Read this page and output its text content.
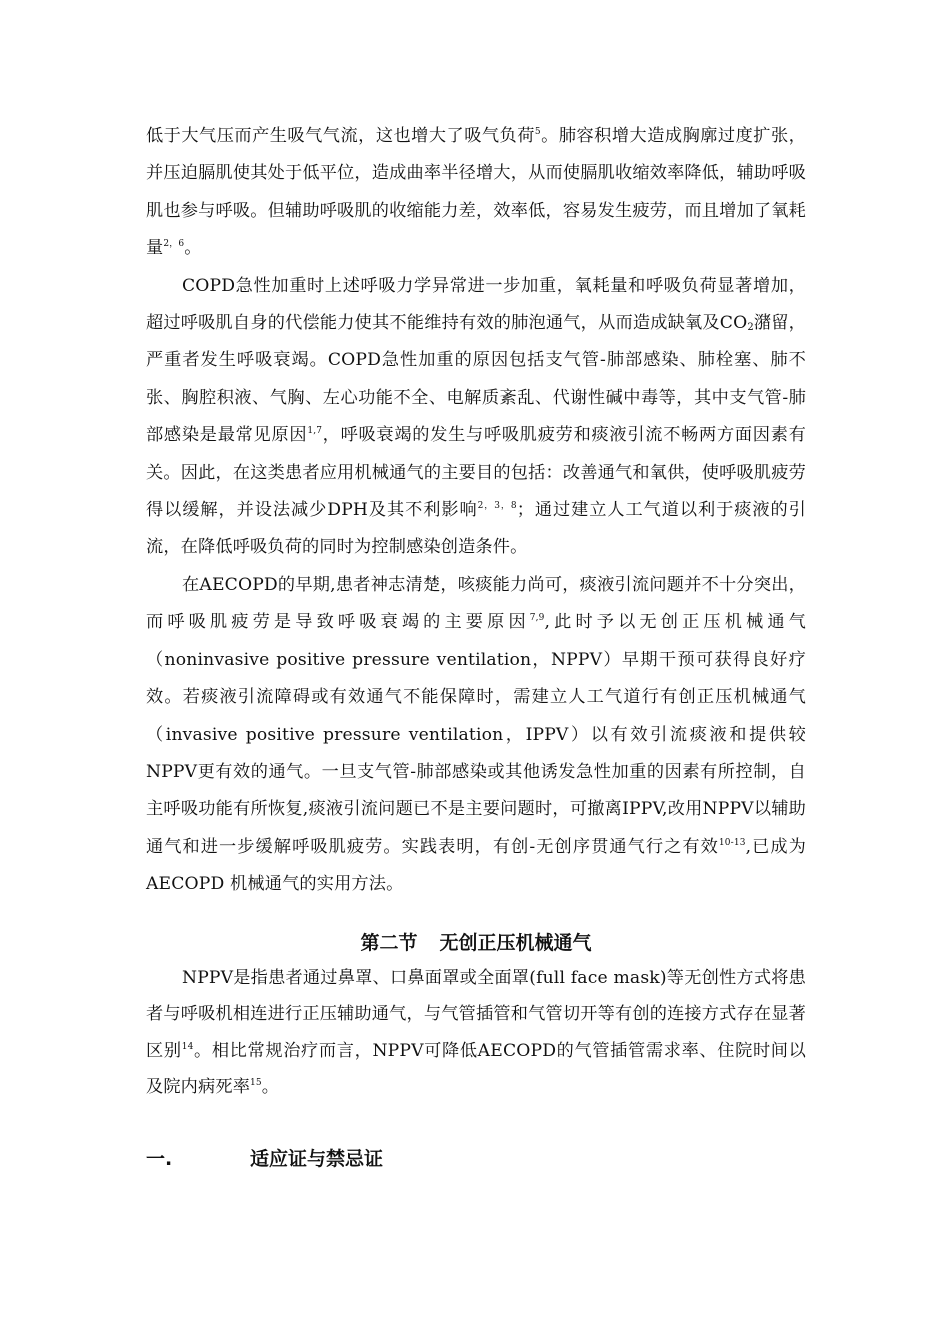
低于大气压而产生吸气气流，这也增大了吸气负荷$^5$。肺容积增大造成胸廓过度扩张，并压迫膈肌使其处于低平位，造成曲率半径增大，从而使膈肌收缩效率降低，辅助呼吸肌也参与呼吸。但辅助呼吸肌的收缩能力差，效率低，容易发生疲劳，而且增加了氧耗量$^{2,6}$。

COPD急性加重时上述呼吸力学异常进一步加重，氧耗量和呼吸负荷显著增加，超过呼吸肌自身的代偿能力使其不能维持有效的肺泡通气，从而造成缺氧及$CO_2$潴留，严重者发生呼吸衰竭。COPD急性加重的原因包括支气管-肺部感染、肺栓塞、肺不张、胸腔积液、气胸、左心功能不全、电解质紊乱、代谢性碱中毒等，其中支气管-肺部感染是最常见原因$^{1,7}$，呼吸衰竭的发生与呼吸肌疲劳和痰液引流不畅两方面因素有关。因此，在这类患者应用机械通气的主要目的包括：改善通气和氧供，使呼吸肌疲劳得以缓解，并设法减少DPH及其不利影响$^{2,3,8}$；通过建立人工气道以利于痰液的引流，在降低呼吸负荷的同时为控制感染创造条件。

在AECOPD的早期,患者神志清楚，咳痰能力尚可，痰液引流问题并不十分突出，而呼吸肌疲劳是导致呼吸衰竭的主要原因$^{7,9}$,此时予以无创正压机械通气（noninvasive positive pressure ventilation，NPPV）早期干预可获得良好疗效。若痰液引流障碍或有效通气不能保障时，需建立人工气道行有创正压机械通气（invasive positive pressure ventilation，IPPV）以有效引流痰液和提供较NPPV更有效的通气。一旦支气管-肺部感染或其他诱发急性加重的因素有所控制，自主呼吸功能有所恢复,痰液引流问题已不是主要问题时，可撤离IPPV,改用NPPV以辅助通气和进一步缓解呼吸肌疲劳。实践表明，有创-无创序贯通气行之有效$^{10-13}$,已成为AECOPD 机械通气的实用方法。

第二节 无创正压机械通气

NPPV是指患者通过鼻罩、口鼻面罩或全面罩(full face mask)等无创性方式将患者与呼吸机相连进行正压辅助通气，与气管插管和气管切开等有创的连接方式存在显著区别$^{14}$。相比常规治疗而言，NPPV可降低AECOPD的气管插管需求率、住院时间以及院内病死率$^{15}$。

一.	适应证与禁忌证
